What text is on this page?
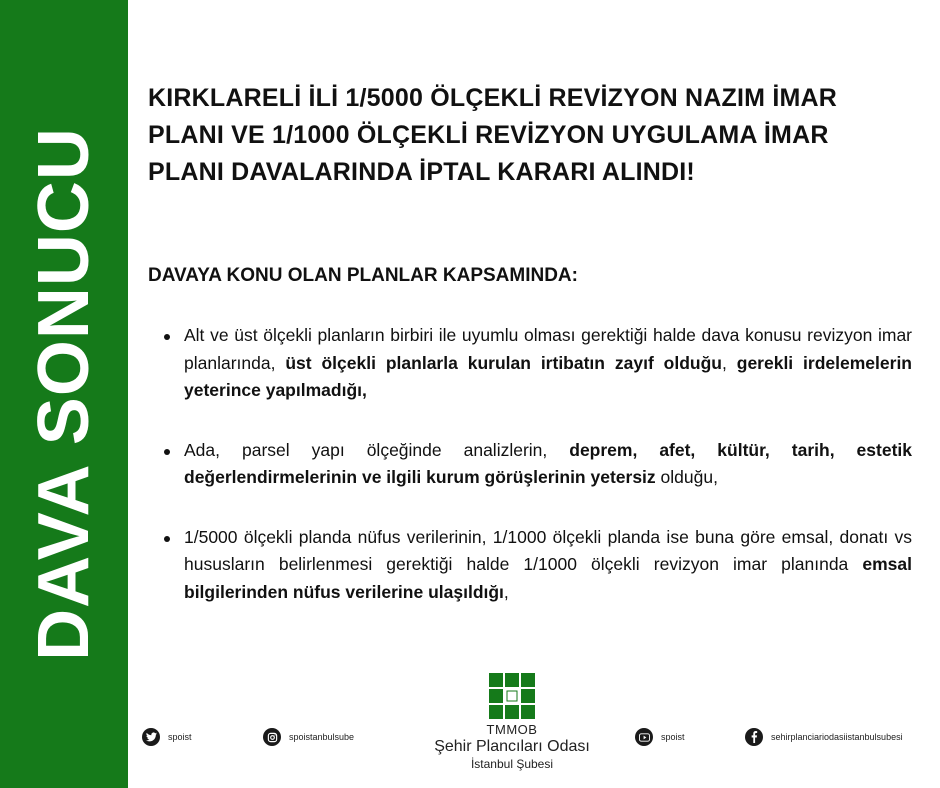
DAVA SONUCU
KIRKLARELİ İLİ 1/5000 ÖLÇEKLİ REVİZYON NAZIM İMAR
PLANI VE 1/1000 ÖLÇEKLİ REVİZYON UYGULAMA İMAR
PLANI DAVALARINDA İPTAL KARARI ALINDI!
DAVAYA KONU OLAN PLANLAR KAPSAMINDA:
Alt ve üst ölçekli planların birbiri ile uyumlu olması gerektiği halde dava konusu revizyon imar planlarında, üst ölçekli planlarla kurulan irtibatın zayıf olduğu, gerekli irdelemelerin yeterince yapılmadığı,
Ada, parsel yapı ölçeğinde analizlerin, deprem, afet, kültür, tarih, estetik değerlendirmelerinin ve ilgili kurum görüşlerinin yetersiz olduğu,
1/5000 ölçekli planda nüfus verilerinin, 1/1000 ölçekli planda ise buna göre emsal, donatı vs hususların belirlenmesi gerektiği halde 1/1000 ölçekli revizyon imar planında emsal bilgilerinden nüfus verilerine ulaşıldığı,
spoist	spoistanbulsube	TMMOB
Şehir Plancıları Odası
İstanbul Şubesi
spoist	sehirplanciariodasiistanbulsubesi
